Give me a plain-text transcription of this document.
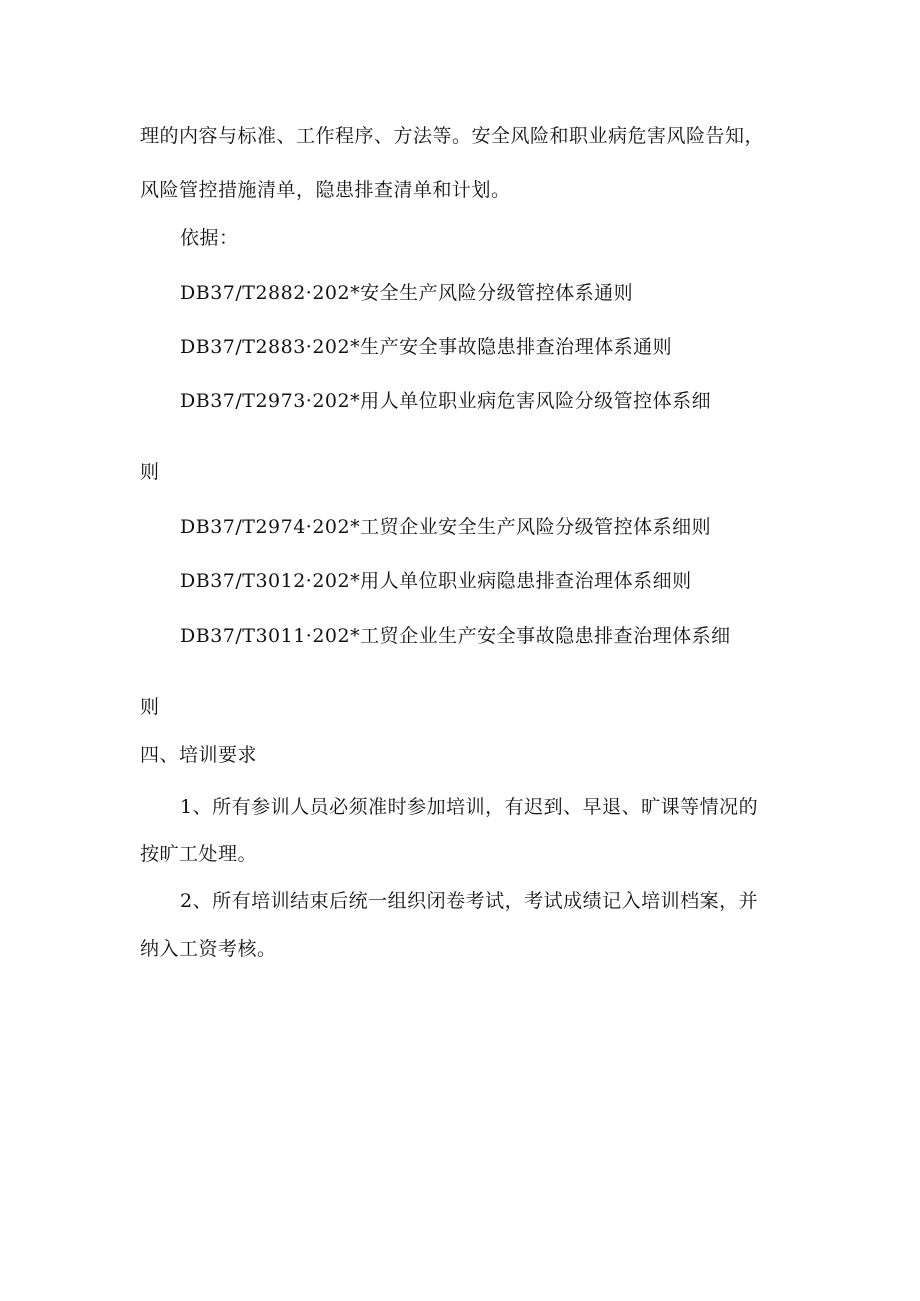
理的内容与标准、工作程序、方法等。安全风险和职业病危害风险告知，
风险管控措施清单，隐患排查清单和计划。
依据：
DB37/T2882·202*安全生产风险分级管控体系通则
DB37/T2883·202*生产安全事故隐患排查治理体系通则
DB37/T2973·202*用人单位职业病危害风险分级管控体系细
则
DB37/T2974·202*工贸企业安全生产风险分级管控体系细则
DB37/T3012·202*用人单位职业病隐患排查治理体系细则
DB37/T3011·202*工贸企业生产安全事故隐患排查治理体系细
则
四、培训要求
1、所有参训人员必须准时参加培训，有迟到、早退、旷课等情况的
按旷工处理。
2、所有培训结束后统一组织闭卷考试，考试成绩记入培训档案，并
纳入工资考核。
